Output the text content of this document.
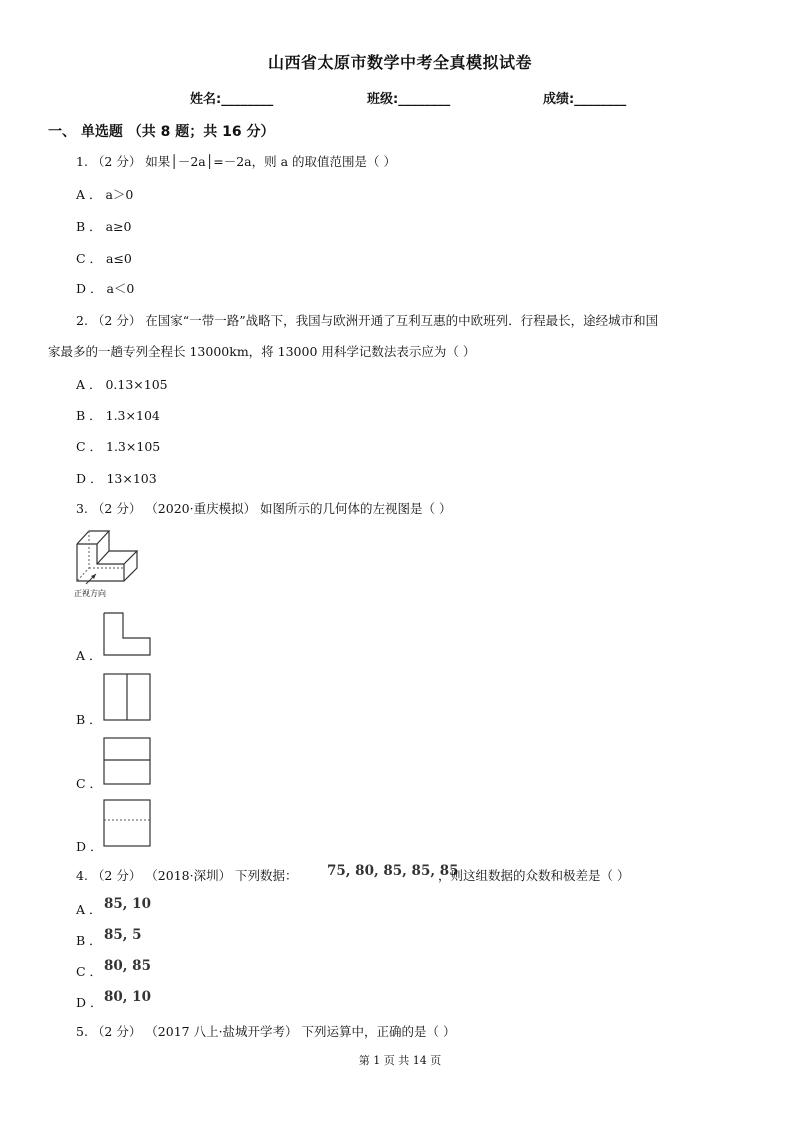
山西省太原市数学中考全真模拟试卷
姓名:________	班级:________	成绩:________
一、 单选题 （共 8 题；共 16 分）
1. （2 分） 如果│－2a│=－2a，则 a 的取值范围是（ ）
A ． a＞0
B ． a≥0
C ． a≤0
D ． a＜0
2. （2 分） 在国家“一带一路”战略下，我国与欧洲开通了互利互惠的中欧班列．行程最长，途经城市和国
家最多的一趟专列全程长 13000km，将 13000 用科学记数法表示应为（ ）
A ． 0.13×105
B ． 1.3×104
C ． 1.3×105
D ． 13×103
3. （2 分） （2020·重庆模拟） 如图所示的几何体的左视图是（ ）
正视方向
A ．
B ．
C ．
D ．
4. （2 分） （2018·深圳） 下列数据： 75, 80, 85, 85, 85
，则这组数据的众数和极差是（ ）
A ． 85, 10
B ． 85, 5
C ． 80, 85
D ． 80, 10
5. （2 分） （2017 八上·盐城开学考） 下列运算中，正确的是（ ）
第 1 页 共 14 页
